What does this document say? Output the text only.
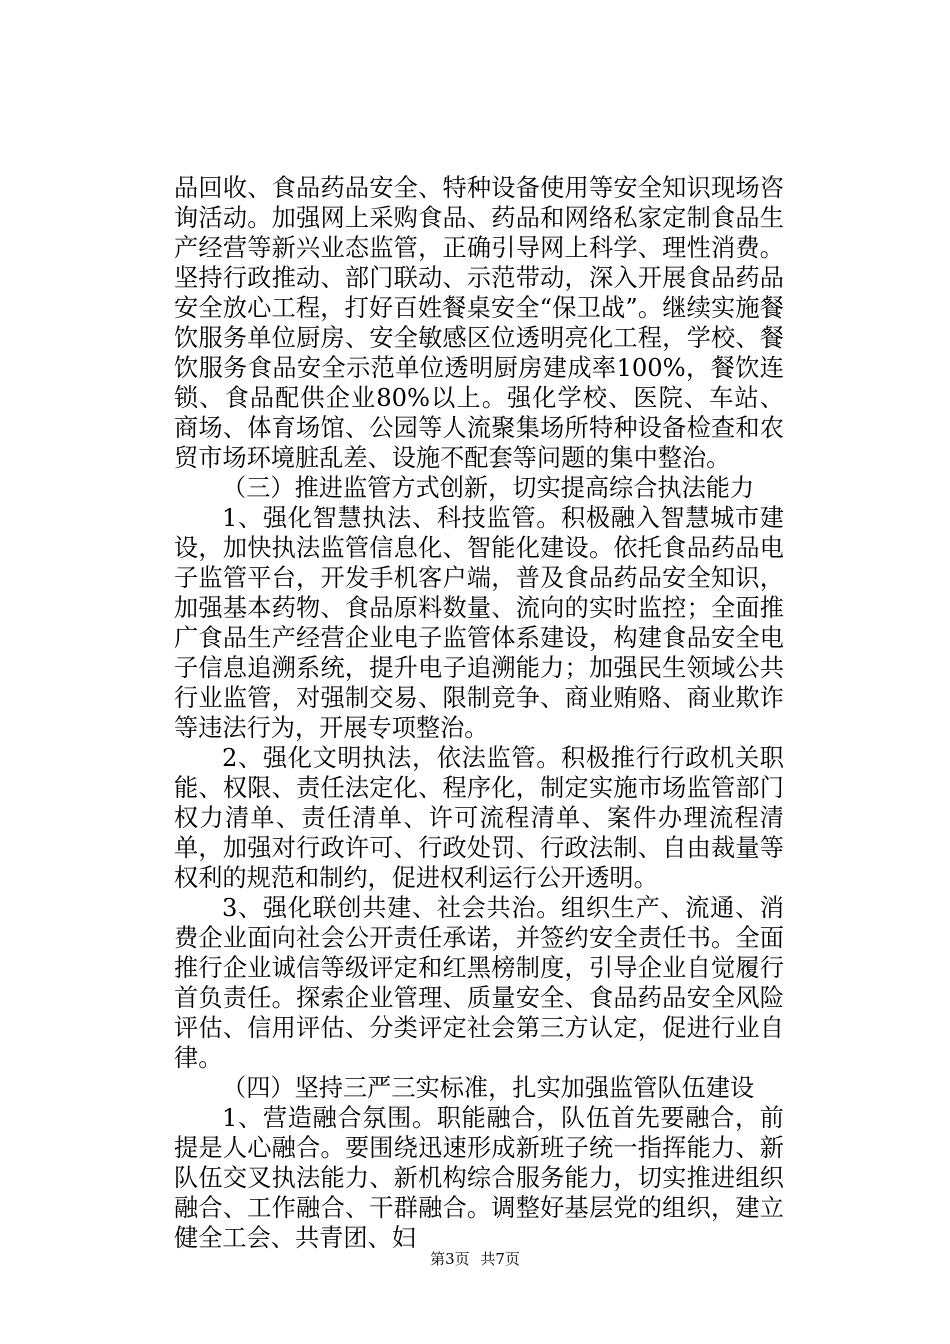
品回收、食品药品安全、特种设备使用等安全知识现场咨询活动。加强网上采购食品、药品和网络私家定制食品生产经营等新兴业态监管，正确引导网上科学、理性消费。坚持行政推动、部门联动、示范带动，深入开展食品药品安全放心工程，打好百姓餐桌安全“保卫战”。继续实施餐饮服务单位厨房、安全敏感区位透明亮化工程，学校、餐饮服务食品安全示范单位透明厨房建成率100%，餐饮连锁、食品配供企业80%以上。强化学校、医院、车站、商场、体育场馆、公园等人流聚集场所特种设备检查和农贸市场环境脏乱差、设施不配套等问题的集中整治。

（三）推进监管方式创新，切实提高综合执法能力

1、强化智慧执法、科技监管。积极融入智慧城市建设，加快执法监管信息化、智能化建设。依托食品药品电子监管平台，开发手机客户端，普及食品药品安全知识，加强基本药物、食品原料数量、流向的实时监控；全面推广食品生产经营企业电子监管体系建设，构建食品安全电子信息追溯系统，提升电子追溯能力；加强民生领域公共行业监管，对强制交易、限制竞争、商业贿赂、商业欺诈等违法行为，开展专项整治。

2、强化文明执法，依法监管。积极推行行政机关职能、权限、责任法定化、程序化，制定实施市场监管部门权力清单、责任清单、许可流程清单、案件办理流程清单，加强对行政许可、行政处罚、行政法制、自由裁量等权利的规范和制约，促进权利运行公开透明。

3、强化联创共建、社会共治。组织生产、流通、消费企业面向社会公开责任承诺，并签约安全责任书。全面推行企业诚信等级评定和红黑榜制度，引导企业自觉履行首负责任。探索企业管理、质量安全、食品药品安全风险评估、信用评估、分类评定社会第三方认定，促进行业自律。

（四）坚持三严三实标准，扎实加强监管队伍建设

1、营造融合氛围。职能融合，队伍首先要融合，前提是人心融合。要围绕迅速形成新班子统一指挥能力、新队伍交叉执法能力、新机构综合服务能力，切实推进组织融合、工作融合、干群融合。调整好基层党的组织，建立健全工会、共青团、妇

第3页 共7页
